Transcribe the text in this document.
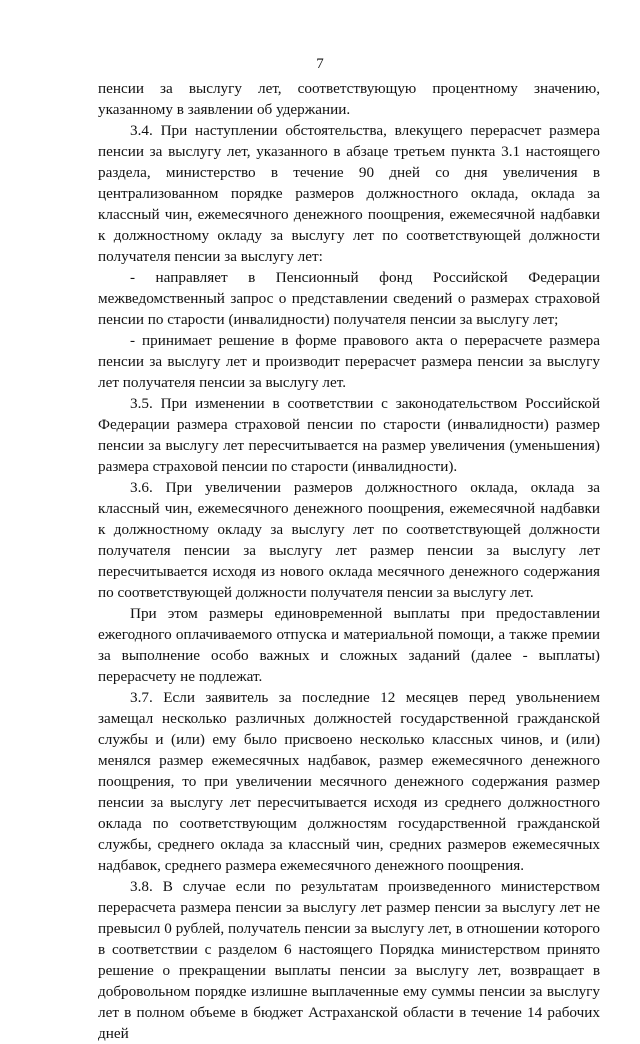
7

пенсии за выслугу лет, соответствующую процентному значению, указанному в заявлении об удержании.

3.4. При наступлении обстоятельства, влекущего перерасчет размера пенсии за выслугу лет, указанного в абзаце третьем пункта 3.1 настоящего раздела, министерство в течение 90 дней со дня увеличения в централизованном порядке размеров должностного оклада, оклада за классный чин, ежемесячного денежного поощрения, ежемесячной надбавки к должностному окладу за выслугу лет по соответствующей должности получателя пенсии за выслугу лет:

- направляет в Пенсионный фонд Российской Федерации межведомственный запрос о представлении сведений о размерах страховой пенсии по старости (инвалидности) получателя пенсии за выслугу лет;

- принимает решение в форме правового акта о перерасчете размера пенсии за выслугу лет и производит перерасчет размера пенсии за выслугу лет получателя пенсии за выслугу лет.

3.5. При изменении в соответствии с законодательством Российской Федерации размера страховой пенсии по старости (инвалидности) размер пенсии за выслугу лет пересчитывается на размер увеличения (уменьшения) размера страховой пенсии по старости (инвалидности).

3.6. При увеличении размеров должностного оклада, оклада за классный чин, ежемесячного денежного поощрения, ежемесячной надбавки к должностному окладу за выслугу лет по соответствующей должности получателя пенсии за выслугу лет размер пенсии за выслугу лет пересчитывается исходя из нового оклада месячного денежного содержания по соответствующей должности получателя пенсии за выслугу лет.

При этом размеры единовременной выплаты при предоставлении ежегодного оплачиваемого отпуска и материальной помощи, а также премии за выполнение особо важных и сложных заданий (далее - выплаты) перерасчету не подлежат.

3.7. Если заявитель за последние 12 месяцев перед увольнением замещал несколько различных должностей государственной гражданской службы и (или) ему было присвоено несколько классных чинов, и (или) менялся размер ежемесячных надбавок, размер ежемесячного денежного поощрения, то при увеличении месячного денежного содержания размер пенсии за выслугу лет пересчитывается исходя из среднего должностного оклада по соответствующим должностям государственной гражданской службы, среднего оклада за классный чин, средних размеров ежемесячных надбавок, среднего размера ежемесячного денежного поощрения.

3.8. В случае если по результатам произведенного министерством перерасчета размера пенсии за выслугу лет размер пенсии за выслугу лет не превысил 0 рублей, получатель пенсии за выслугу лет, в отношении которого в соответствии с разделом 6 настоящего Порядка министерством принято решение о прекращении выплаты пенсии за выслугу лет, возвращает в добровольном порядке излишне выплаченные ему суммы пенсии за выслугу лет в полном объеме в бюджет Астраханской области в течение 14 рабочих дней
